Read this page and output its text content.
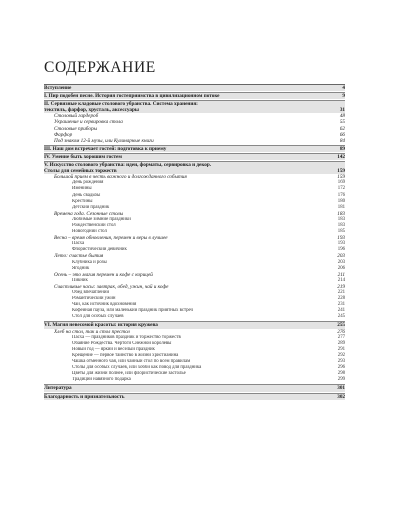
СОДЕРЖАНИЕ
Вступление	4
I. Пир подобен песне. История гостеприимства в цивилизационном потоке	9
II. Сервизные кладовые столового убранства. Система хранения:
текстиль, фарфор, хрусталь, аксессуары	31
Столовый гардероб	48
Украшение и сервировка стола	55
Столовые приборы	62
Фарфор	66
Под знаком 12-й музы, или Кулинарные книги	84
III. Наш дом встречает гостей: подготовка к приему	89
IV. Умение быть хорошим гостем	142
V. Искусство столового убранства: идеи, форматы, сервировка и декор.
Столы для семейных торжеств	159
Большой прием в честь важного и долгожданного события	159
День рождения	169
Именины	172
День свадьбы	176
Крестины	180
Детский праздник	181
Времена года. Сезонные столы	183
Любимые зимние праздники	183
Рождественский стол	183
Новогодний стол	185
Весна – время обновления, перемен и веры в лучшее	193
Пасха	193
Флористический девичник	196
Лето: счастье бытия	203
Клубника и розы	203
Ягодник	206
Осень – это магия перемен и кофе с корицей	211
Пикник	214
Счастливые часы: завтрак, обед, ужин, чай и кофе	219
Обед впечатлений	221
Романтический ужин	228
Чай, как источник вдохновения	231
Кофейная пауза, или маленький праздник приятных встреч	241
Стол для особых случаев	245
VI. Магия невесомой красоты: история кружева	255
Хлеб на стол, так и стол престол	276
Пасха — праздников праздник и торжество торжеств	277
Обаяние Рождества. Чертоги Снежной королевы	289
Новый год — яркий и веселый праздник	291
Крещение — первое таинство в жизни христианина	292
Чашка отменного чая, или чайный стол по всем правилам	293
Столы для особых случаев, или хобби как повод для праздника	296
Цветы для жизни полнее, или флористические застолье	298
Традиции навязного подарка	299
Литература	301
Благодарность и признательность	302
